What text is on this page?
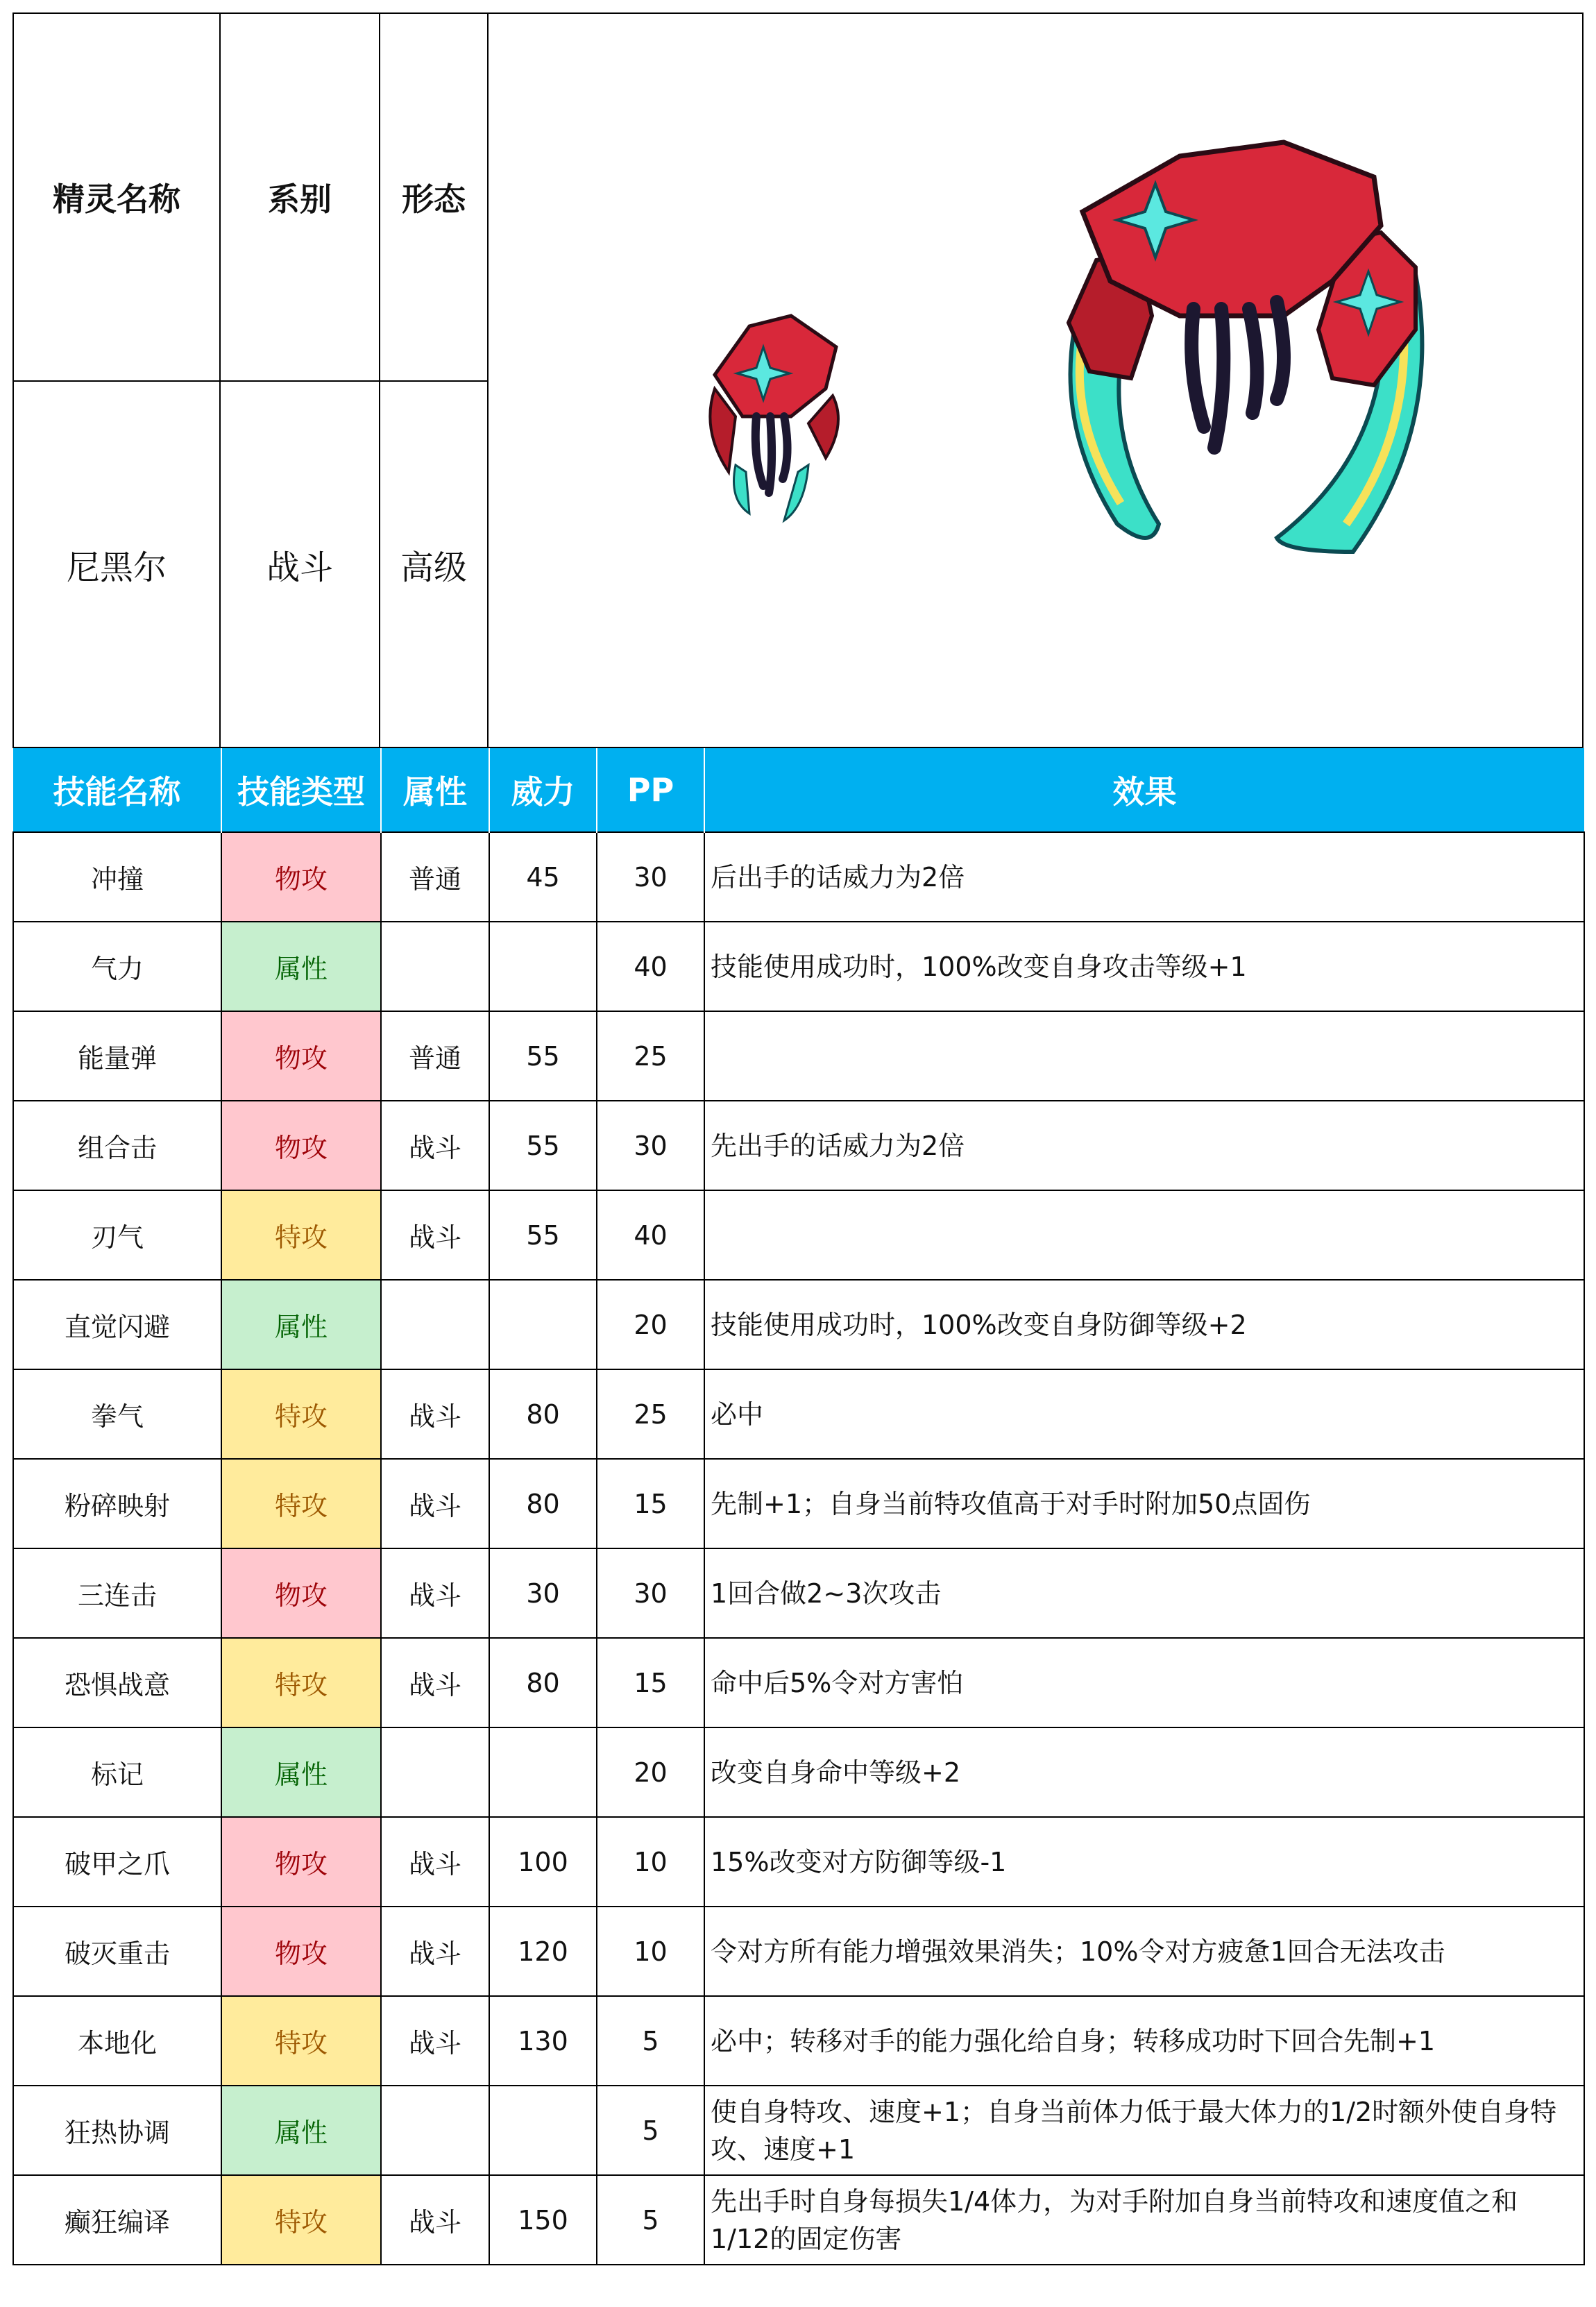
精灵名称	系别	形态
尼黑尔	战斗	高级
技能名称	技能类型	属性	威力	PP	效果
冲撞	物攻	普通	45	30	后出手的话威力为2倍
气力	属性			40	技能使用成功时，100%改变自身攻击等级+1
能量弹	物攻	普通	55	25	
组合击	物攻	战斗	55	30	先出手的话威力为2倍
刃气	特攻	战斗	55	40	
直觉闪避	属性			20	技能使用成功时，100%改变自身防御等级+2
拳气	特攻	战斗	80	25	必中
粉碎映射	特攻	战斗	80	15	先制+1；自身当前特攻值高于对手时附加50点固伤
三连击	物攻	战斗	30	30	1回合做2~3次攻击
恐惧战意	特攻	战斗	80	15	命中后5%令对方害怕
标记	属性			20	改变自身命中等级+2
破甲之爪	物攻	战斗	100	10	15%改变对方防御等级-1
破灭重击	物攻	战斗	120	10	令对方所有能力增强效果消失；10%令对方疲惫1回合无法攻击
本地化	特攻	战斗	130	5	必中；转移对手的能力强化给自身；转移成功时下回合先制+1
狂热协调	属性			5	使自身特攻、速度+1；自身当前体力低于最大体力的1/2时额外使自身特攻、速度+1
癫狂编译	特攻	战斗	150	5	先出手时自身每损失1/4体力，为对手附加自身当前特攻和速度值之和1/12的固定伤害
